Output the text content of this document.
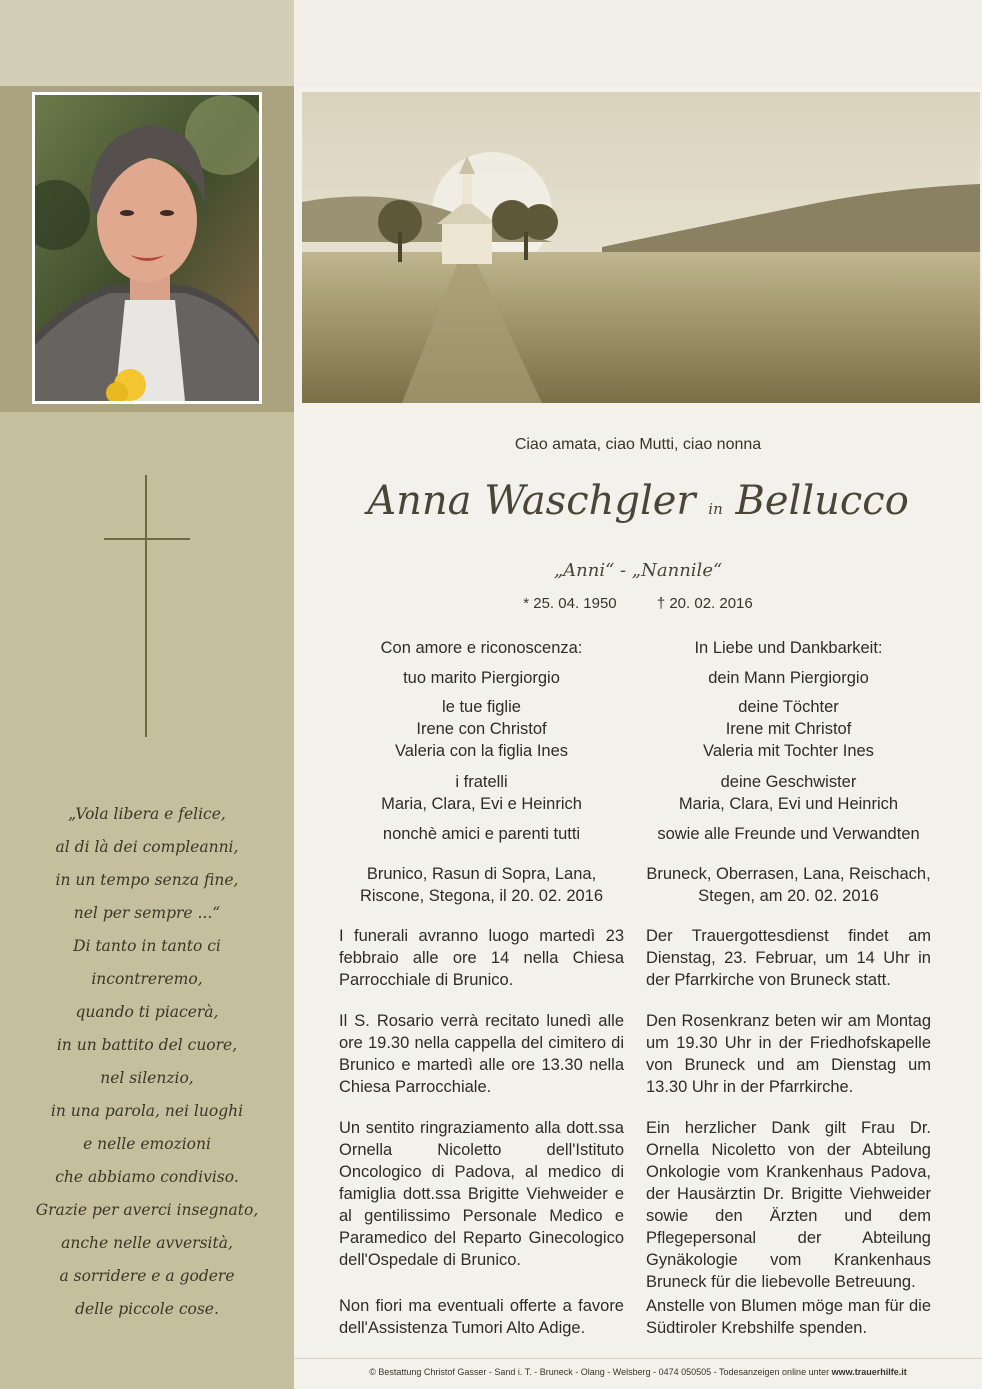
„Vola libera e felice,
al di là dei compleanni,
in un tempo senza fine,
nel per sempre ...“
Di tanto in tanto ci
incontreremo,
quando ti piacerà,
in un battito del cuore,
nel silenzio,
in una parola, nei luoghi
e nelle emozioni
che abbiamo condiviso.
Grazie per averci insegnato,
anche nelle avversità,
a sorridere e a godere
delle piccole cose.
Ciao amata, ciao Mutti, ciao nonna
Anna Waschgler in Bellucco
„Anni“ - „Nannile“
* 25. 04. 1950	† 20. 02. 2016
Con amore e riconoscenza:
tuo marito Piergiorgio
le tue figlie
Irene con Christof
Valeria con la figlia Ines
i fratelli
Maria, Clara, Evi e Heinrich
nonchè amici e parenti tutti
Brunico, Rasun di Sopra, Lana,
Riscone, Stegona, il 20. 02. 2016
I funerali avranno luogo martedì 23 febbraio alle ore 14 nella Chiesa Parrocchiale di Brunico.
Il S. Rosario verrà recitato lunedì alle ore 19.30 nella cappella del cimitero di Brunico e martedì alle ore 13.30 nella Chiesa Parrocchiale.
Un sentito ringraziamento alla dott.ssa Ornella Nicoletto dell'Istituto Oncologico di Padova, al medico di famiglia dott.ssa Brigitte Viehweider e al gentilissimo Personale Medico e Paramedico del Reparto Ginecologico dell'Ospedale di Brunico.
Non fiori ma eventuali offerte a favore dell'Assistenza Tumori Alto Adige.
In Liebe und Dankbarkeit:
dein Mann Piergiorgio
deine Töchter
Irene mit Christof
Valeria mit Tochter Ines
deine Geschwister
Maria, Clara, Evi und Heinrich
sowie alle Freunde und Verwandten
Bruneck, Oberrasen, Lana, Reischach,
Stegen, am 20. 02. 2016
Der Trauergottesdienst findet am Dienstag, 23. Februar, um 14 Uhr in der Pfarrkirche von Bruneck statt.
Den Rosenkranz beten wir am Montag um 19.30 Uhr in der Friedhofskapelle von Bruneck und am Dienstag um 13.30 Uhr in der Pfarrkirche.
Ein herzlicher Dank gilt Frau Dr. Ornella Nicoletto von der Abteilung Onkologie vom Krankenhaus Padova, der Hausärztin Dr. Brigitte Viehweider sowie den Ärzten und dem Pflegepersonal der Abteilung Gynäkologie vom Krankenhaus Bruneck für die liebevolle Betreuung.
Anstelle von Blumen möge man für die Südtiroler Krebshilfe spenden.
© Bestattung Christof Gasser - Sand i. T. - Bruneck - Olang - Welsberg - 0474 050505 - Todesanzeigen online unter www.trauerhilfe.it
